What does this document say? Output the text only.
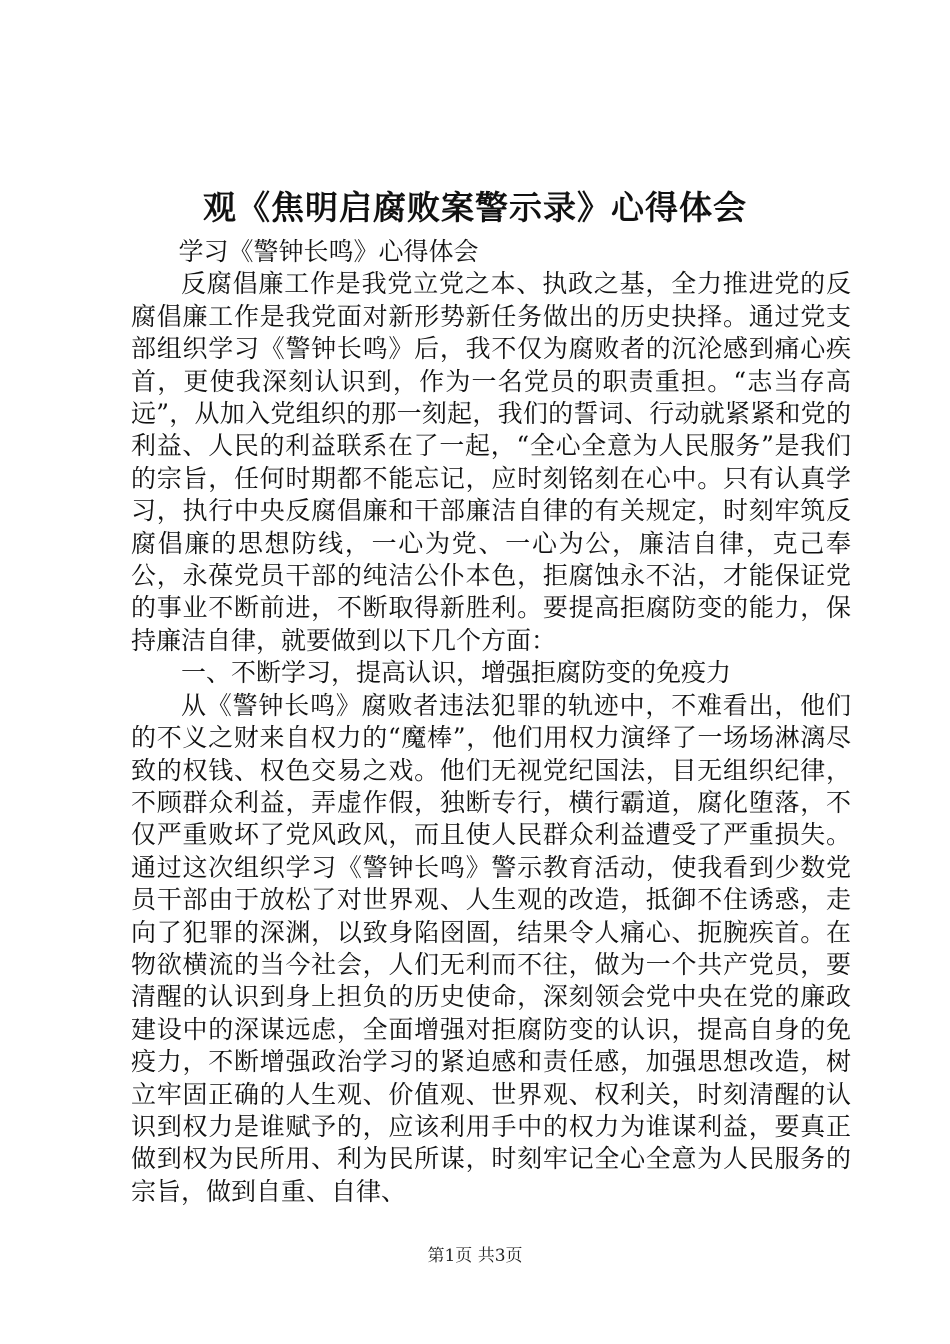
观《焦明启腐败案警示录》心得体会

学习《警钟长鸣》心得体会

反腐倡廉工作是我党立党之本、执政之基，全力推进党的反腐倡廉工作是我党面对新形势新任务做出的历史抉择。通过党支部组织学习《警钟长鸣》后，我不仅为腐败者的沉沦感到痛心疾首，更使我深刻认识到，作为一名党员的职责重担。“志当存高远”，从加入党组织的那一刻起，我们的誓词、行动就紧紧和党的利益、人民的利益联系在了一起，“全心全意为人民服务”是我们的宗旨，任何时期都不能忘记，应时刻铭刻在心中。只有认真学习，执行中央反腐倡廉和干部廉洁自律的有关规定，时刻牢筑反腐倡廉的思想防线，一心为党、一心为公，廉洁自律，克己奉公，永葆党员干部的纯洁公仆本色，拒腐蚀永不沾，才能保证党的事业不断前进，不断取得新胜利。要提高拒腐防变的能力，保持廉洁自律，就要做到以下几个方面：

一、不断学习，提高认识，增强拒腐防变的免疫力

从《警钟长鸣》腐败者违法犯罪的轨迹中，不难看出，他们的不义之财来自权力的“魔棒”，他们用权力演绎了一场场淋漓尽致的权钱、权色交易之戏。他们无视党纪国法，目无组织纪律，不顾群众利益，弄虚作假，独断专行，横行霸道，腐化堕落，不仅严重败坏了党风政风，而且使人民群众利益遭受了严重损失。通过这次组织学习《警钟长鸣》警示教育活动，使我看到少数党员干部由于放松了对世界观、人生观的改造，抵御不住诱惑，走向了犯罪的深渊，以致身陷囹圄，结果令人痛心、扼腕疾首。在物欲横流的当今社会，人们无利而不往，做为一个共产党员，要清醒的认识到身上担负的历史使命，深刻领会党中央在党的廉政建设中的深谋远虑，全面增强对拒腐防变的认识，提高自身的免疫力，不断增强政治学习的紧迫感和责任感，加强思想改造，树立牢固正确的人生观、价值观、世界观、权利关，时刻清醒的认识到权力是谁赋予的，应该利用手中的权力为谁谋利益，要真正做到权为民所用、利为民所谋，时刻牢记全心全意为人民服务的宗旨，做到自重、自律、

第1页 共3页
